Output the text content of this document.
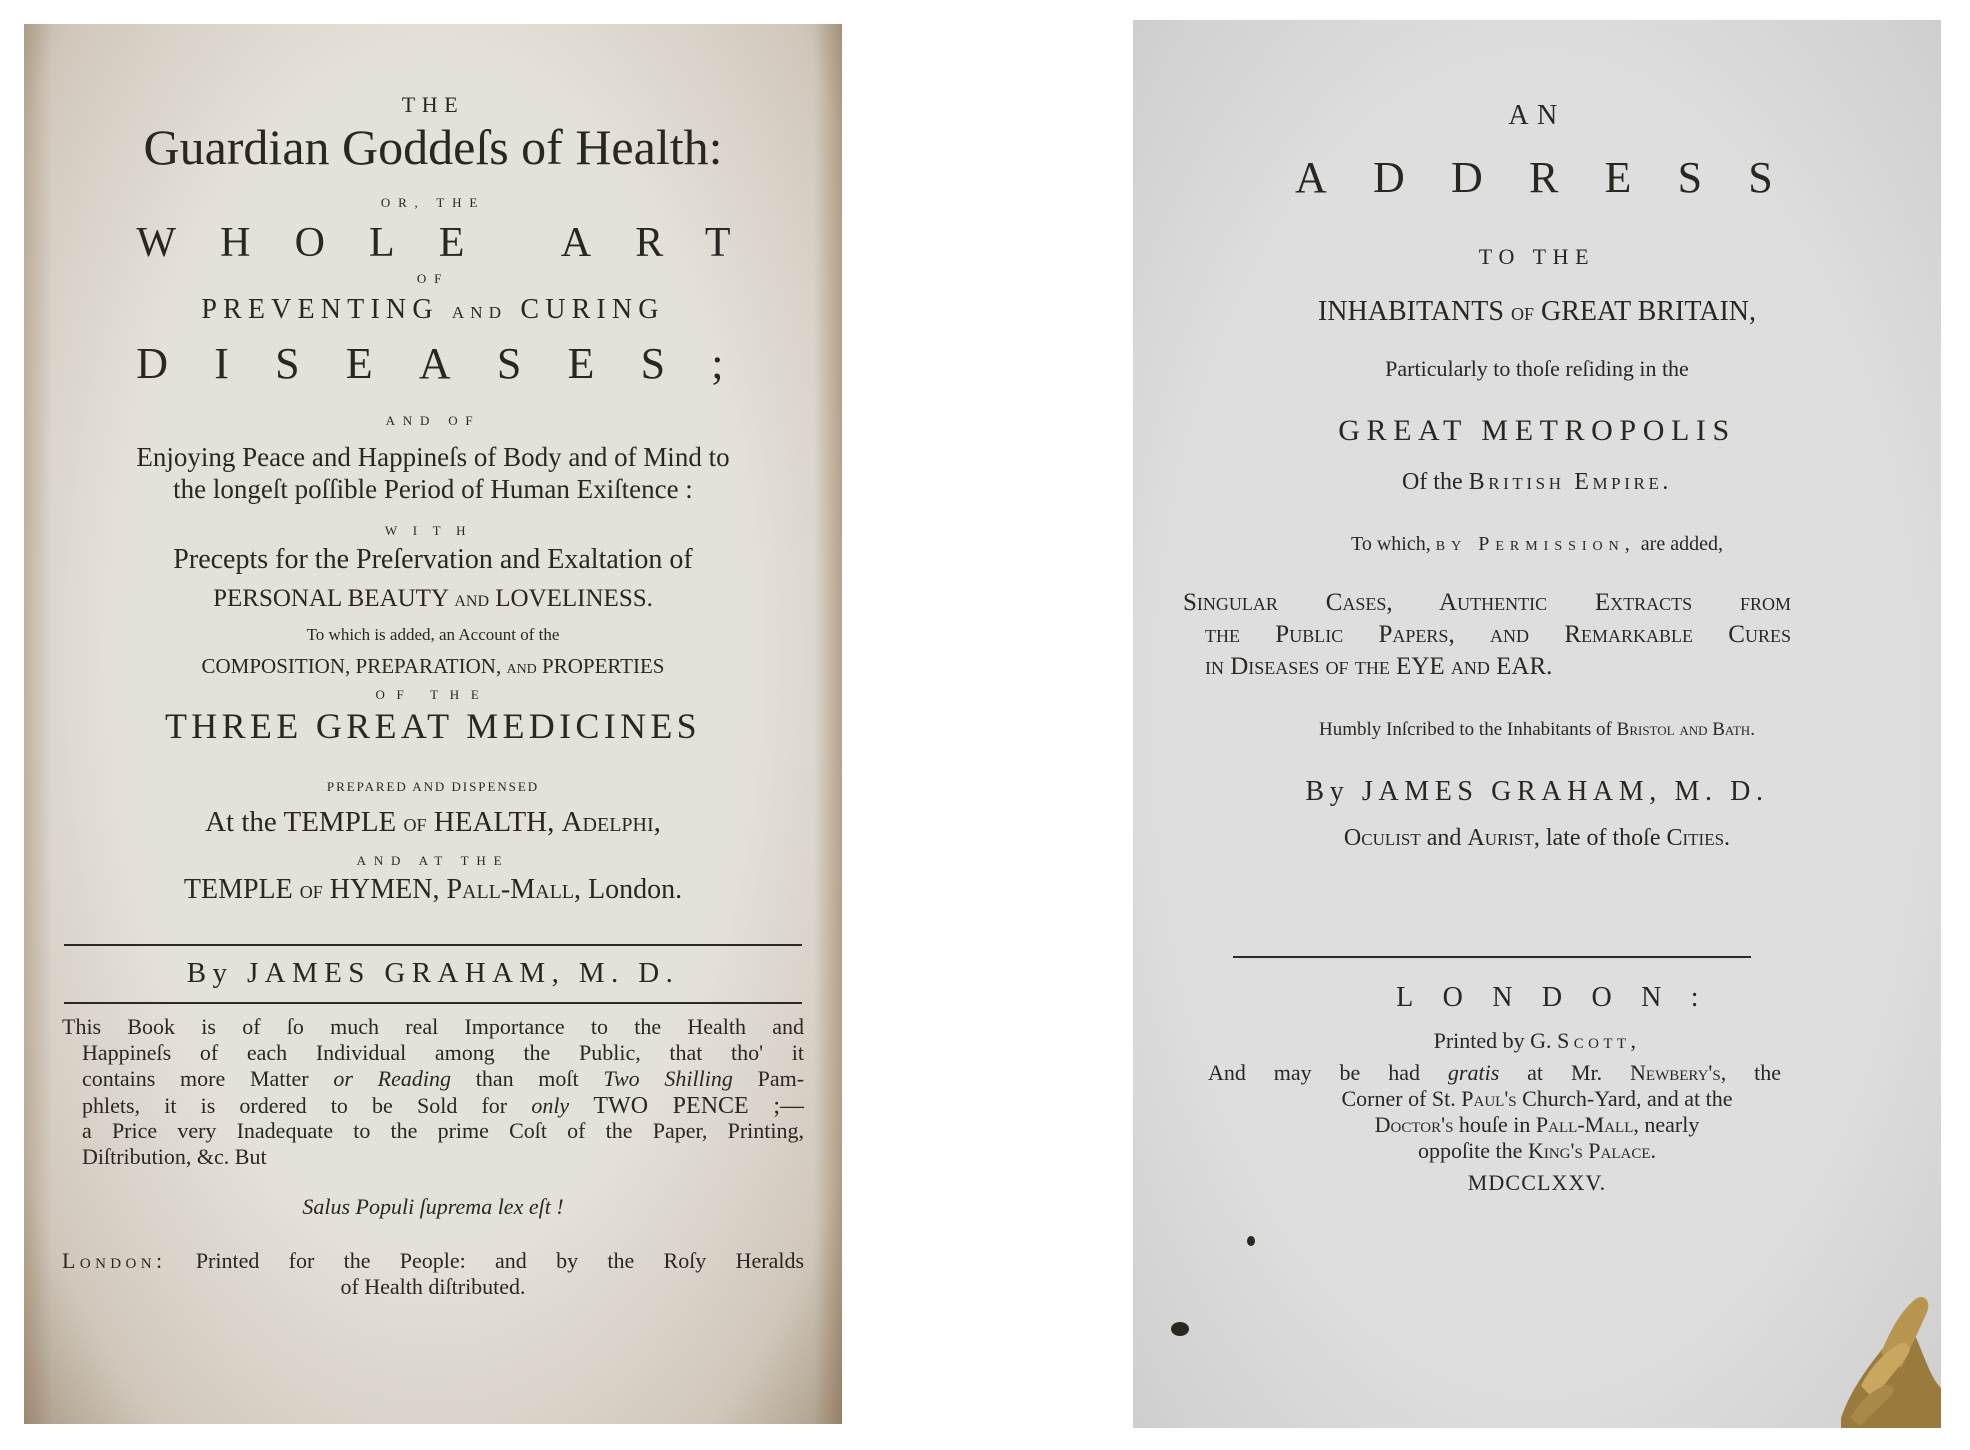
THE
Guardian Goddeſs of Health:
OR, THE
WHOLE ART
OF
PREVENTING AND CURING
DISEASES;
AND OF
Enjoying Peace and Happineſs of Body and of Mind to
the longeſt poſſible Period of Human Exiſtence :
WITH
Precepts for the Preſervation and Exaltation of
PERSONAL BEAUTY AND LOVELINESS.
To which is added, an Account of the
COMPOSITION, PREPARATION, AND PROPERTIES
OF THE
THREE GREAT MEDICINES
PREPARED AND DISPENSED
At the TEMPLE OF HEALTH, Adelphi,
AND AT THE
TEMPLE OF HYMEN, Pall-Mall, London.
By JAMES GRAHAM, M. D.
This Book is of ſo much real Importance to the Health and
Happineſs of each Individual among the Public, that tho' it
contains more Matter or Reading than moſt Two Shilling Pam-
phlets, it is ordered to be Sold for only TWO PENCE ;—
a Price very Inadequate to the prime Coſt of the Paper, Printing,
Diſtribution, &c. But
Salus Populi ſuprema lex eſt !
London: Printed for the People: and by the Roſy Heralds
of Health diſtributed.
AN
ADDRESS
TO THE
INHABITANTS OF GREAT BRITAIN,
Particularly to thoſe reſiding in the
GREAT METROPOLIS
Of the British Empire.
To which, by Permission, are added,
Singular Cases, Authentic Extracts from
the Public Papers, and Remarkable Cures
in Diseases of the EYE and EAR.
Humbly Inſcribed to the Inhabitants of Bristol and Bath.
By JAMES GRAHAM, M. D.
Oculist and Aurist, late of thoſe Cities.
LONDON:
Printed by G. Scott,
And may be had gratis at Mr. Newbery's, the
Corner of St. Paul's Church-Yard, and at the
Doctor's houſe in Pall-Mall, nearly
oppoſite the King's Palace.
MDCCLXXV.
